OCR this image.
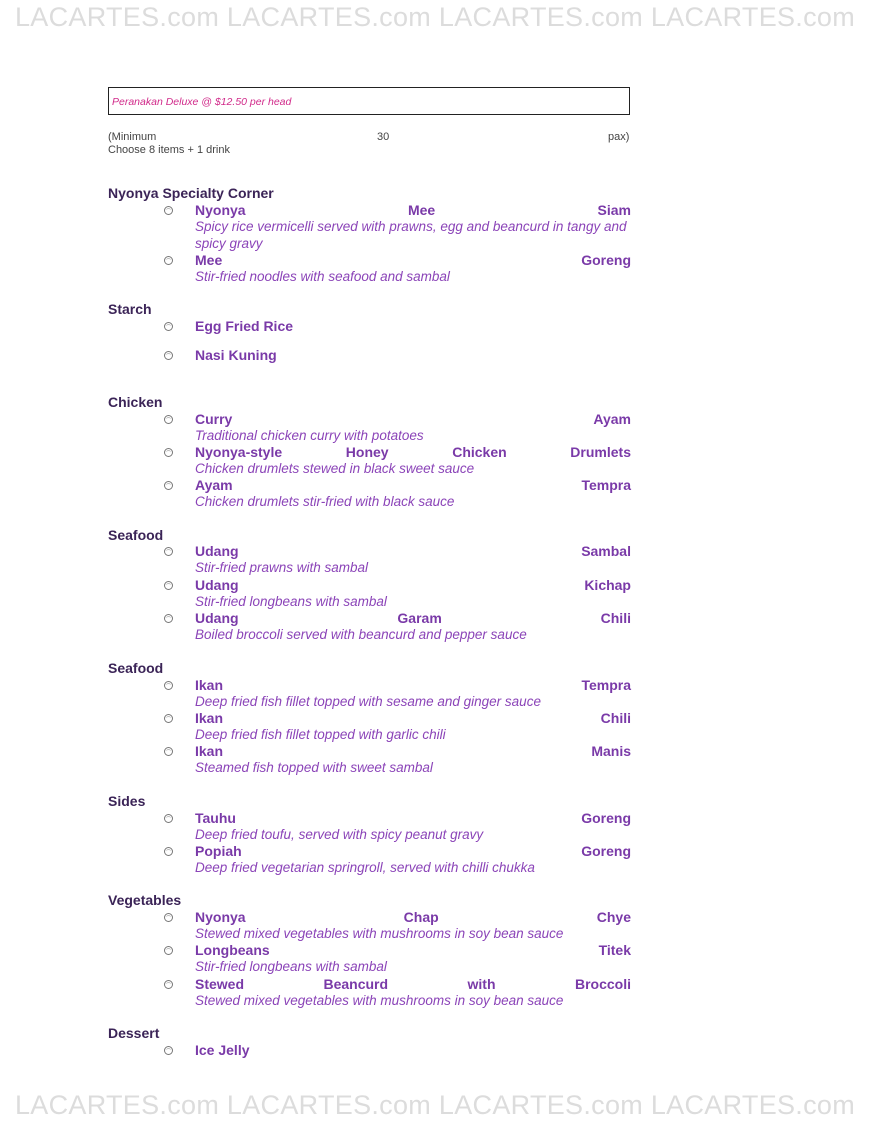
LACARTES.com LACARTES.com LACARTES.com LACARTES.com
Peranakan Deluxe @ $12.50 per head
(Minimum	30	pax)
Choose 8 items + 1 drink
Nyonya Specialty Corner
Nyonya	Mee	Siam
Spicy rice vermicelli served with prawns, egg and beancurd in tangy and spicy gravy
Mee	Goreng
Stir-fried noodles with seafood and sambal
Starch
Egg Fried Rice
Nasi Kuning
Chicken
Curry	Ayam
Traditional chicken curry with potatoes
Nyonya-style	Honey	Chicken	Drumlets
Chicken drumlets stewed in black sweet sauce
Ayam	Tempra
Chicken drumlets stir-fried with black sauce
Seafood
Udang	Sambal
Stir-fried prawns with sambal
Udang	Kichap
Stir-fried longbeans with sambal
Udang	Garam	Chili
Boiled broccoli served with beancurd and pepper sauce
Seafood
Ikan	Tempra
Deep fried fish fillet topped with sesame and ginger sauce
Ikan	Chili
Deep fried fish fillet topped with garlic chili
Ikan	Manis
Steamed fish topped with sweet sambal
Sides
Tauhu	Goreng
Deep fried toufu, served with spicy peanut gravy
Popiah	Goreng
Deep fried vegetarian springroll, served with chilli chukka
Vegetables
Nyonya	Chap	Chye
Stewed mixed vegetables with mushrooms in soy bean sauce
Longbeans	Titek
Stir-fried longbeans with sambal
Stewed	Beancurd	with	Broccoli
Stewed mixed vegetables with mushrooms in soy bean sauce
Dessert
Ice Jelly
LACARTES.com LACARTES.com LACARTES.com LACARTES.com
